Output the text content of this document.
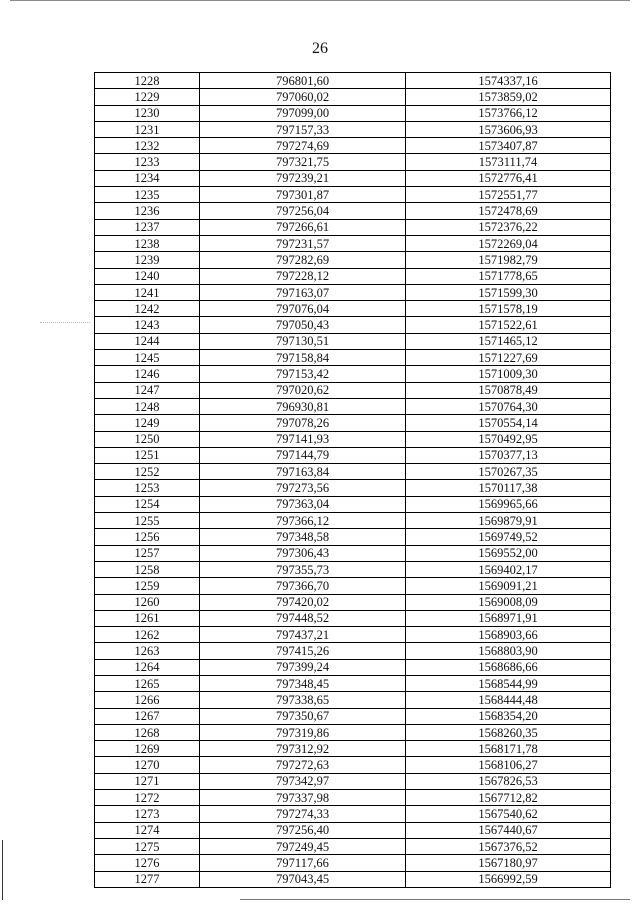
26
1228	796801,60	1574337,16
1229	797060,02	1573859,02
1230	797099,00	1573766,12
1231	797157,33	1573606,93
1232	797274,69	1573407,87
1233	797321,75	1573111,74
1234	797239,21	1572776,41
1235	797301,87	1572551,77
1236	797256,04	1572478,69
1237	797266,61	1572376,22
1238	797231,57	1572269,04
1239	797282,69	1571982,79
1240	797228,12	1571778,65
1241	797163,07	1571599,30
1242	797076,04	1571578,19
1243	797050,43	1571522,61
1244	797130,51	1571465,12
1245	797158,84	1571227,69
1246	797153,42	1571009,30
1247	797020,62	1570878,49
1248	796930,81	1570764,30
1249	797078,26	1570554,14
1250	797141,93	1570492,95
1251	797144,79	1570377,13
1252	797163,84	1570267,35
1253	797273,56	1570117,38
1254	797363,04	1569965,66
1255	797366,12	1569879,91
1256	797348,58	1569749,52
1257	797306,43	1569552,00
1258	797355,73	1569402,17
1259	797366,70	1569091,21
1260	797420,02	1569008,09
1261	797448,52	1568971,91
1262	797437,21	1568903,66
1263	797415,26	1568803,90
1264	797399,24	1568686,66
1265	797348,45	1568544,99
1266	797338,65	1568444,48
1267	797350,67	1568354,20
1268	797319,86	1568260,35
1269	797312,92	1568171,78
1270	797272,63	1568106,27
1271	797342,97	1567826,53
1272	797337,98	1567712,82
1273	797274,33	1567540,62
1274	797256,40	1567440,67
1275	797249,45	1567376,52
1276	797117,66	1567180,97
1277	797043,45	1566992,59
